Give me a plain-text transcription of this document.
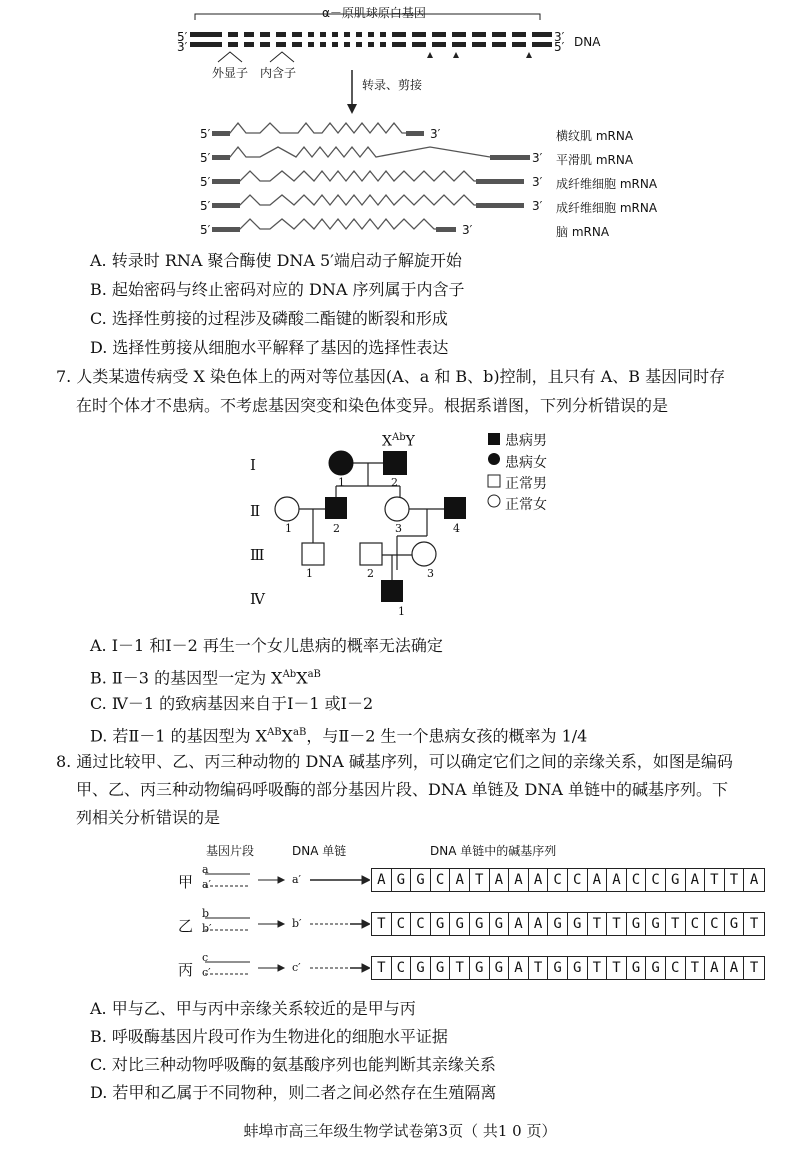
α－原肌球原白基因
5′
3′
3′
5′ DNA
外显子 内含子
转录、剪接
5′	3′
5′	3′
5′	3′
5′	3′
5′	3′
横纹肌 mRNA
平滑肌 mRNA
成纤维细胞 mRNA
成纤维细胞 mRNA
脑 mRNA
A. 转录时 RNA 聚合酶使 DNA 5′端启动子解旋开始
B. 起始密码与终止密码对应的 DNA 序列属于内含子
C. 选择性剪接的过程涉及磷酸二酯键的断裂和形成
D. 选择性剪接从细胞水平解释了基因的选择性表达
7. 人类某遗传病受 X 染色体上的两对等位基因(A、a 和 B、b)控制，且只有 A、B 基因同时存
在时个体才不患病。不考虑基因突变和染色体变异。根据系谱图，下列分析错误的是
Ⅰ
Ⅱ
Ⅲ
Ⅳ
$X^{Ab}Y$
1	2
1	2	3	4
1	2	3
1
患病男
患病女
正常男
正常女
A. Ⅰ－1 和Ⅰ－2 再生一个女儿患病的概率无法确定
B. Ⅱ－3 的基因型一定为 $X^{Ab}X^{aB}$
C. Ⅳ－1 的致病基因来自于Ⅰ－1 或Ⅰ－2
D. 若Ⅱ－1 的基因型为 $X^{AB}X^{aB}$，与Ⅱ－2 生一个患病女孩的概率为 1/4
8. 通过比较甲、乙、丙三种动物的 DNA 碱基序列，可以确定它们之间的亲缘关系，如图是编码
甲、乙、丙三种动物编码呼吸酶的部分基因片段、DNA 单链及 DNA 单链中的碱基序列。下
列相关分析错误的是
基因片段	DNA 单链	DNA 单链中的碱基序列
甲
a
a′	a′
乙
b
b′	b′
丙
c
c′	c′
A G G C A T A A A C C A A C C G A T T A
T C C G G G G A A G G T T G G T C C G T
T C G G T G G A T G G T T G G C T A A T
A. 甲与乙、甲与丙中亲缘关系较近的是甲与丙
B. 呼吸酶基因片段可作为生物进化的细胞水平证据
C. 对比三种动物呼吸酶的氨基酸序列也能判断其亲缘关系
D. 若甲和乙属于不同物种，则二者之间必然存在生殖隔离
蚌埠市高三年级生物学试卷第3页（ 共1 0 页）
